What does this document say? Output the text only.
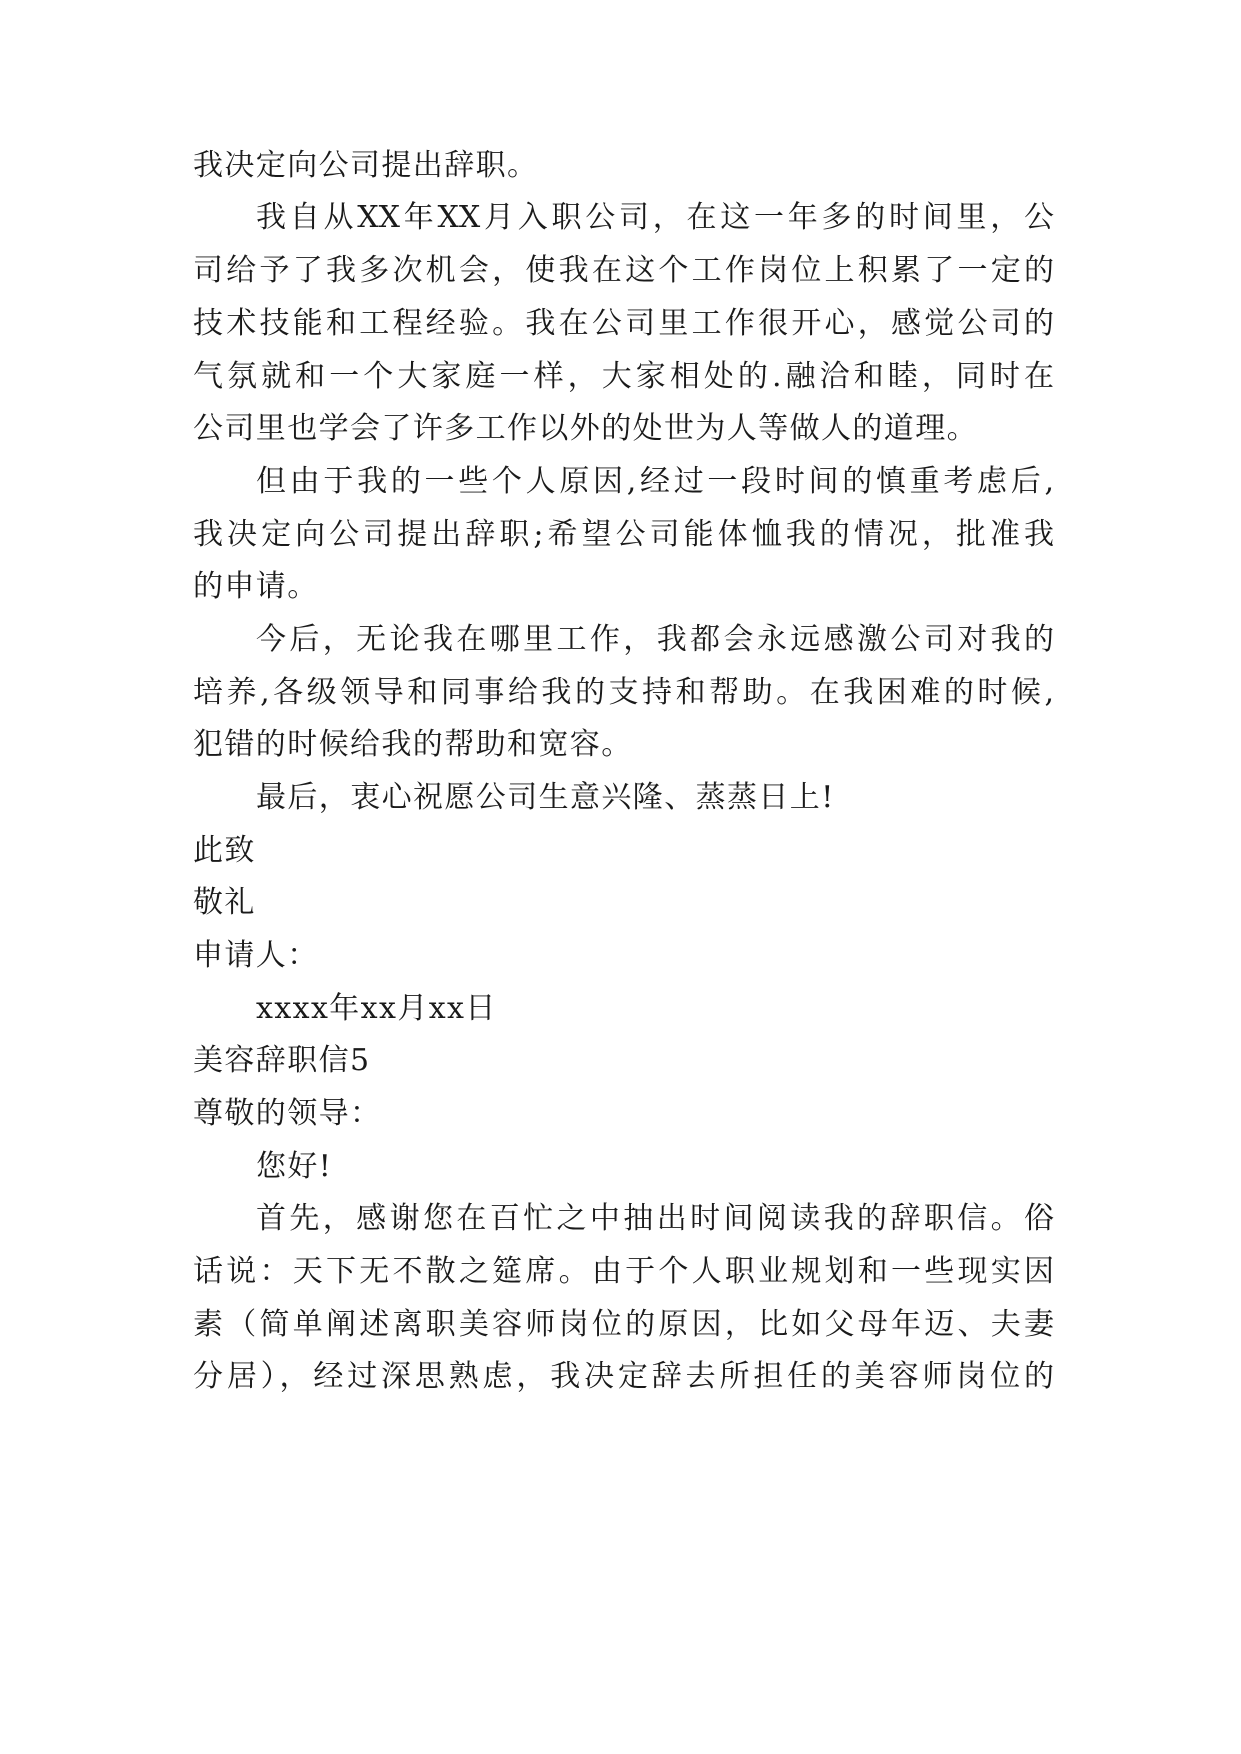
我决定向公司提出辞职。
我自从XX年XX月入职公司，在这一年多的时间里，公
司给予了我多次机会，使我在这个工作岗位上积累了一定的
技术技能和工程经验。我在公司里工作很开心，感觉公司的
气氛就和一个大家庭一样，大家相处的.融洽和睦，同时在
公司里也学会了许多工作以外的处世为人等做人的道理。
但由于我的一些个人原因,经过一段时间的慎重考虑后,
我决定向公司提出辞职;希望公司能体恤我的情况，批准我
的申请。
今后，无论我在哪里工作，我都会永远感激公司对我的
培养,各级领导和同事给我的支持和帮助。在我困难的时候,
犯错的时候给我的帮助和宽容。
最后，衷心祝愿公司生意兴隆、蒸蒸日上!
此致
敬礼
申请人：
xxxx年xx月xx日
美容辞职信5
尊敬的领导：
您好!
首先，感谢您在百忙之中抽出时间阅读我的辞职信。俗
话说：天下无不散之筵席。由于个人职业规划和一些现实因
素（简单阐述离职美容师岗位的原因，比如父母年迈、夫妻
分居），经过深思熟虑，我决定辞去所担任的美容师岗位的
